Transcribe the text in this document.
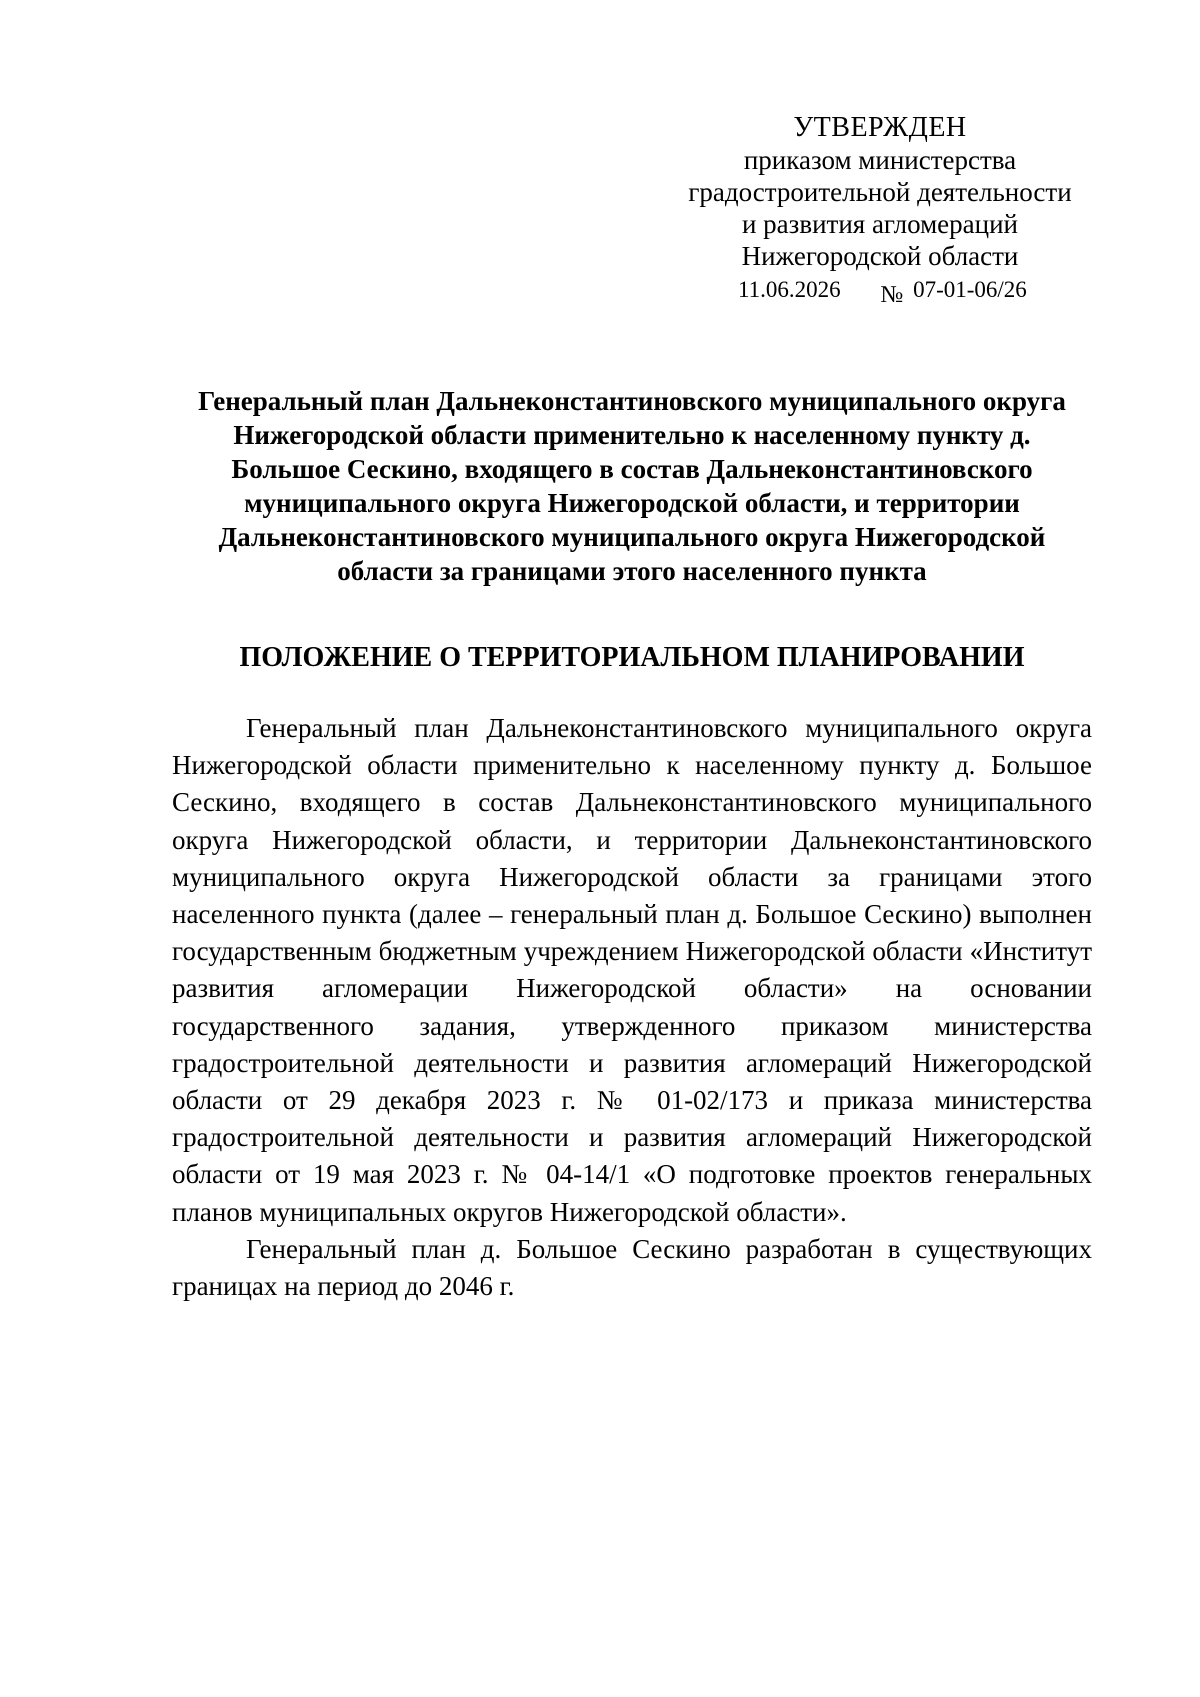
УТВЕРЖДЕН
приказом министерства
градостроительной деятельности
и развития агломераций
Нижегородской области
11.06.2026 № 07-01-06/26
Генеральный план Дальнеконстантиновского муниципального округа
Нижегородской области применительно к населенному пункту д.
Большое Сескино, входящего в состав Дальнеконстантиновского
муниципального округа Нижегородской области, и территории
Дальнеконстантиновского муниципального округа Нижегородской
области за границами этого населенного пункта
ПОЛОЖЕНИЕ О ТЕРРИТОРИАЛЬНОМ ПЛАНИРОВАНИИ

Генеральный план Дальнеконстантиновского муниципального округа Нижегородской области применительно к населенному пункту д. Большое Сескино, входящего в состав Дальнеконстантиновского муниципального округа Нижегородской области, и территории Дальнеконстантиновского муниципального округа Нижегородской области за границами этого населенного пункта (далее – генеральный план д. Большое Сескино) выполнен государственным бюджетным учреждением Нижегородской области «Институт развития агломерации Нижегородской области» на основании государственного задания, утвержденного приказом министерства градостроительной деятельности и развития агломераций Нижегородской области от 29 декабря 2023 г. № 01-02/173 и приказа министерства градостроительной деятельности и развития агломераций Нижегородской области от 19 мая 2023 г. № 04-14/1 «О подготовке проектов генеральных планов муниципальных округов Нижегородской области».

Генеральный план д. Большое Сескино разработан в существующих границах на период до 2046 г.
